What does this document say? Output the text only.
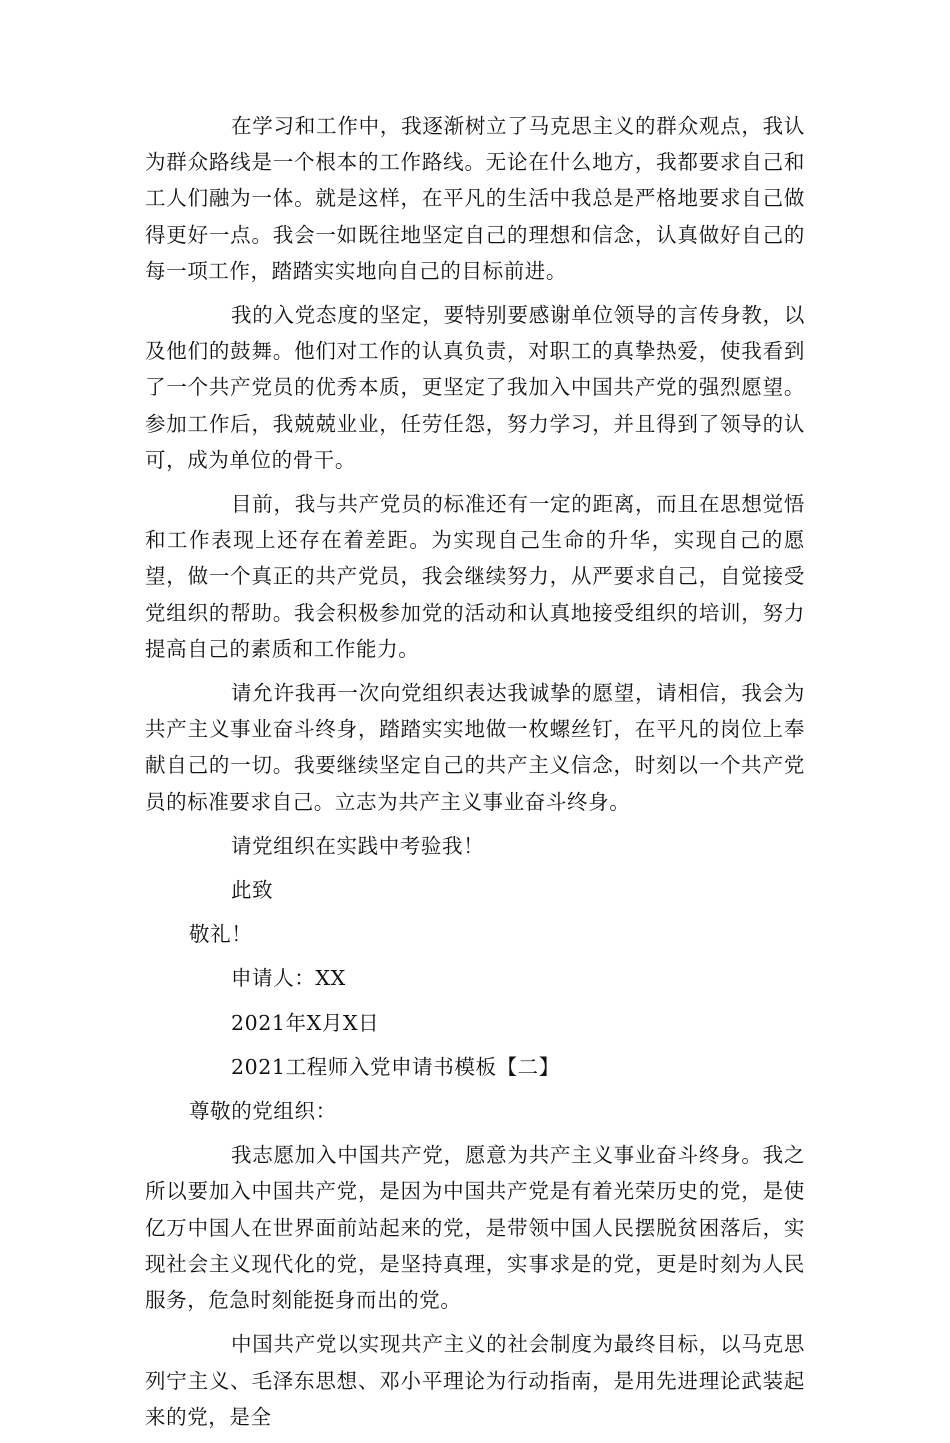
在学习和工作中，我逐渐树立了马克思主义的群众观点，我认为群众路线是一个根本的工作路线。无论在什么地方，我都要求自己和工人们融为一体。就是这样，在平凡的生活中我总是严格地要求自己做得更好一点。我会一如既往地坚定自己的理想和信念，认真做好自己的每一项工作，踏踏实实地向自己的目标前进。

我的入党态度的坚定，要特别要感谢单位领导的言传身教，以及他们的鼓舞。他们对工作的认真负责，对职工的真挚热爱，使我看到了一个共产党员的优秀本质，更坚定了我加入中国共产党的强烈愿望。参加工作后，我兢兢业业，任劳任怨，努力学习，并且得到了领导的认可，成为单位的骨干。

目前，我与共产党员的标准还有一定的距离，而且在思想觉悟和工作表现上还存在着差距。为实现自己生命的升华，实现自己的愿望，做一个真正的共产党员，我会继续努力，从严要求自己，自觉接受党组织的帮助。我会积极参加党的活动和认真地接受组织的培训，努力提高自己的素质和工作能力。

请允许我再一次向党组织表达我诚挚的愿望，请相信，我会为共产主义事业奋斗终身，踏踏实实地做一枚螺丝钉，在平凡的岗位上奉献自己的一切。我要继续坚定自己的共产主义信念，时刻以一个共产党员的标准要求自己。立志为共产主义事业奋斗终身。

请党组织在实践中考验我！

此致

敬礼！

申请人：XX

2021年X月X日

2021工程师入党申请书模板【二】

尊敬的党组织：

我志愿加入中国共产党，愿意为共产主义事业奋斗终身。我之所以要加入中国共产党，是因为中国共产党是有着光荣历史的党，是使亿万中国人在世界面前站起来的党，是带领中国人民摆脱贫困落后，实现社会主义现代化的党，是坚持真理，实事求是的党，更是时刻为人民服务，危急时刻能挺身而出的党。

中国共产党以实现共产主义的社会制度为最终目标，以马克思列宁主义、毛泽东思想、邓小平理论为行动指南，是用先进理论武装起来的党，是全
